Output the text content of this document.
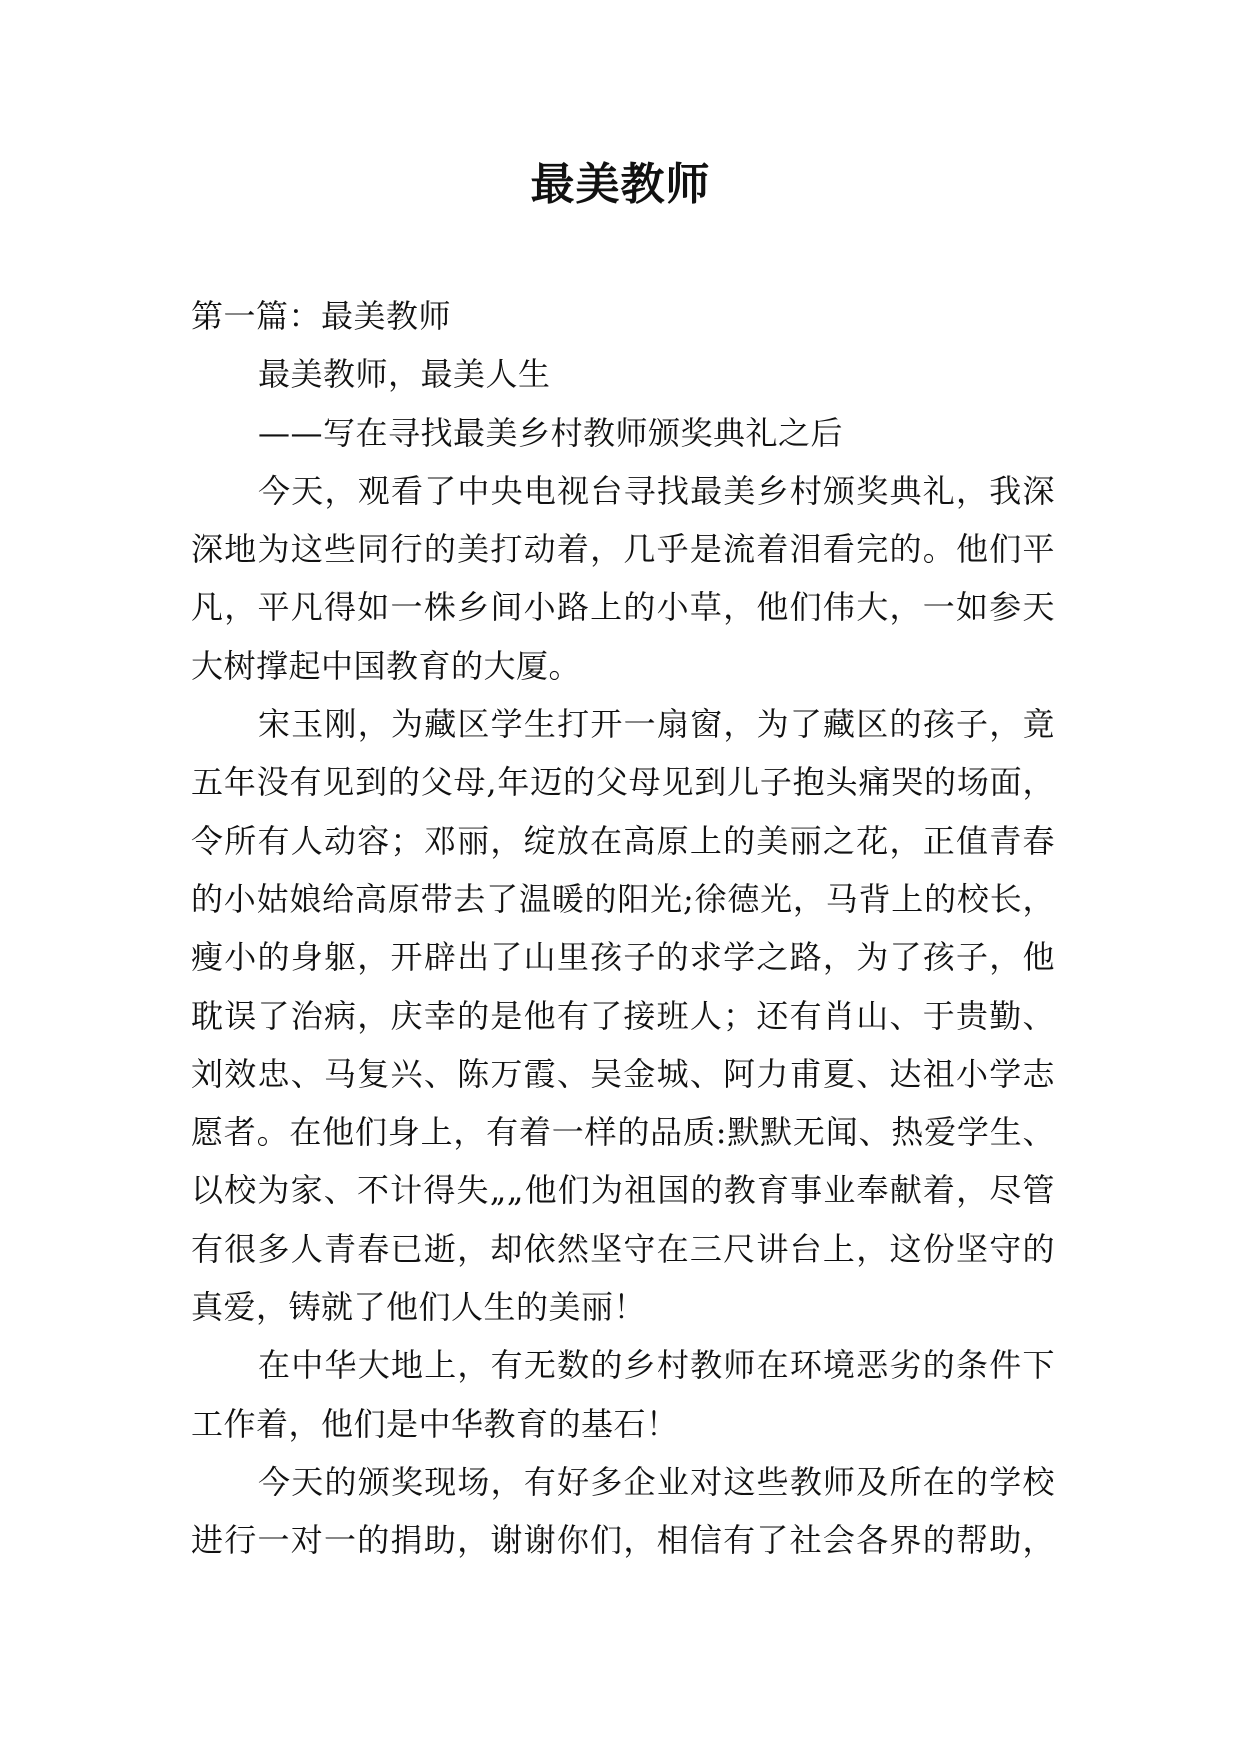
最美教师
第一篇：最美教师
最美教师，最美人生
——写在寻找最美乡村教师颁奖典礼之后
今天，观看了中央电视台寻找最美乡村颁奖典礼，我深
深地为这些同行的美打动着，几乎是流着泪看完的。他们平
凡，平凡得如一株乡间小路上的小草，他们伟大，一如参天
大树撑起中国教育的大厦。
宋玉刚，为藏区学生打开一扇窗，为了藏区的孩子，竟
五年没有见到的父母,年迈的父母见到儿子抱头痛哭的场面，
令所有人动容；邓丽，绽放在高原上的美丽之花，正值青春
的小姑娘给高原带去了温暖的阳光;徐德光，马背上的校长，
瘦小的身躯，开辟出了山里孩子的求学之路，为了孩子，他
耽误了治病，庆幸的是他有了接班人；还有肖山、于贵勤、
刘效忠、马复兴、陈万霞、吴金城、阿力甫夏、达祖小学志
愿者。在他们身上，有着一样的品质:默默无闻、热爱学生、
以校为家、不计得失„„他们为祖国的教育事业奉献着，尽管
有很多人青春已逝，却依然坚守在三尺讲台上，这份坚守的
真爱，铸就了他们人生的美丽！
在中华大地上，有无数的乡村教师在环境恶劣的条件下
工作着，他们是中华教育的基石！
今天的颁奖现场，有好多企业对这些教师及所在的学校
进行一对一的捐助，谢谢你们，相信有了社会各界的帮助，
